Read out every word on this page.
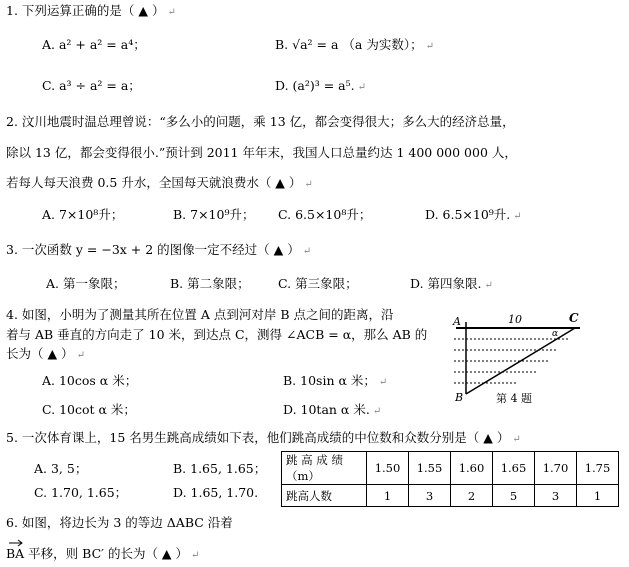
1. 下列运算正确的是（ ▲ ） ↵
A. a² + a² = a⁴；	B. √a² = a （a 为实数）； ↵
C. a³ ÷ a² = a；	D. (a²)³ = a⁵. ↵
2. 汶川地震时温总理曾说：“多么小的问题，乘 13 亿，都会变得很大；多么大的经济总量，
除以 13 亿，都会变得很小.”预计到 2011 年年末，我国人口总量约达 1 400 000 000 人，
若每人每天浪费 0.5 升水，全国每天就浪费水（ ▲ ） ↵
A. 7×10⁸升；	B. 7×10⁹升； C. 6.5×10⁸升；	D. 6.5×10⁹升. ↵
3. 一次函数 y = −3x + 2 的图像一定不经过（ ▲ ） ↵
A. 第一象限；	B. 第二象限； C. 第三象限；	D. 第四象限. ↵
4. 如图，小明为了测量其所在位置 A 点到河对岸 B 点之间的距离，沿
着与 AB 垂直的方向走了 10 米，到达点 C，测得 ∠ACB = α，那么 AB 的
长为（ ▲ ） ↵
A. 10cos α 米；	B. 10sin α 米； ↵
C. 10cot α 米；	D. 10tan α 米. ↵
A	10	C
α
B	第 4 题
5. 一次体育课上，15 名男生跳高成绩如下表，他们跳高成绩的中位数和众数分别是（ ▲ ） ↵
A. 3, 5；	B. 1.65, 1.65；
C. 1.70, 1.65；	D. 1.65, 1.70.
跳 高 成 绩（m）	1.50	1.55	1.60	1.65	1.70	1.75
跳高人数	1	3	2	5	3	1
6. 如图，将边长为 3 的等边 ΔABC 沿着
BA 平移，则 BC′ 的长为（ ▲ ） ↵
